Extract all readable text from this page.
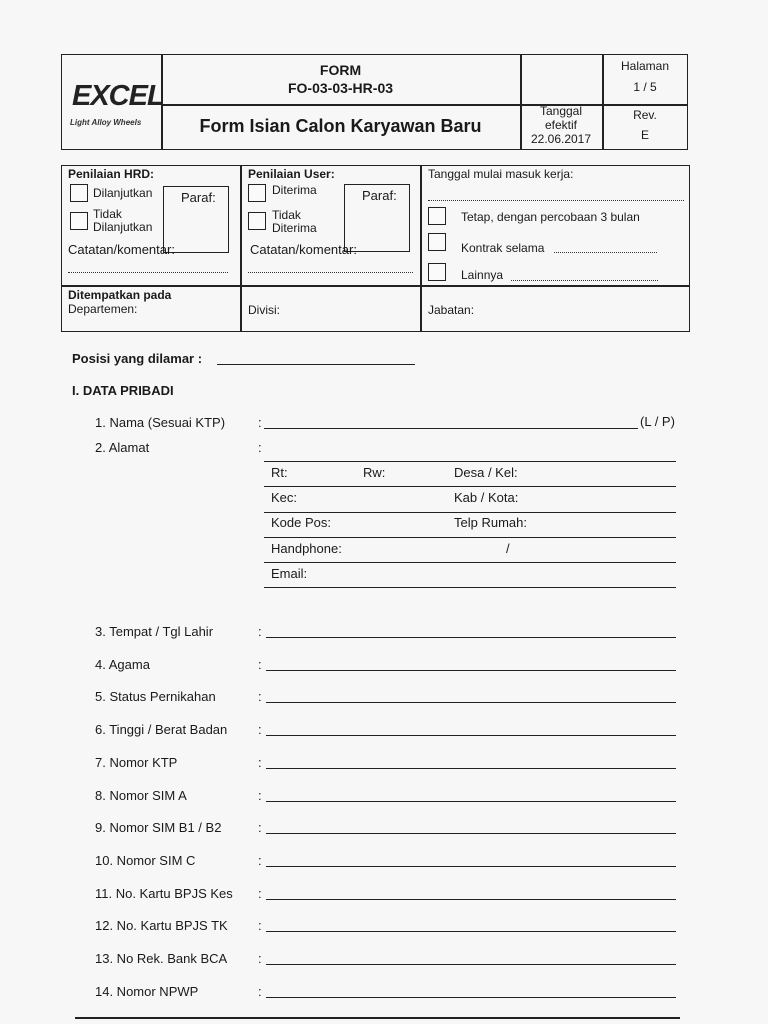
EXCEL
Light Alloy Wheels
FORM
FO-03-03-HR-03
Form Isian Calon Karyawan Baru
Halaman
1 / 5
Tanggal
efektif
22.06.2017
Rev.
E
Penilaian HRD:
Dilanjutkan
Tidak
Dilanjutkan
Paraf:
Catatan/komentar:
Penilaian User:
Diterima
Tidak
Diterima
Paraf:
Catatan/komentar:
Tanggal mulai masuk kerja:
Tetap, dengan percobaan 3 bulan
Kontrak selama
Lainnya
Ditempatkan pada
Departemen:	Divisi:	Jabatan:
Posisi yang dilamar :
I. DATA PRIBADI
1. Nama (Sesuai KTP)	:	(L / P)
2. Alamat	:
Rt:	Rw:	Desa / Kel:
Kec:	Kab / Kota:
Kode Pos:	Telp Rumah:
Handphone:	/
Email:
3. Tempat / Tgl Lahir	:
4. Agama	:
5. Status Pernikahan	:
6. Tinggi / Berat Badan :
7. Nomor KTP	:
8. Nomor SIM A	:
9. Nomor SIM B1 / B2	:
10. Nomor SIM C	:
11. No. Kartu BPJS Kes :
12. No. Kartu BPJS TK :
13. No Rek. Bank BCA :
14. Nomor NPWP	:
